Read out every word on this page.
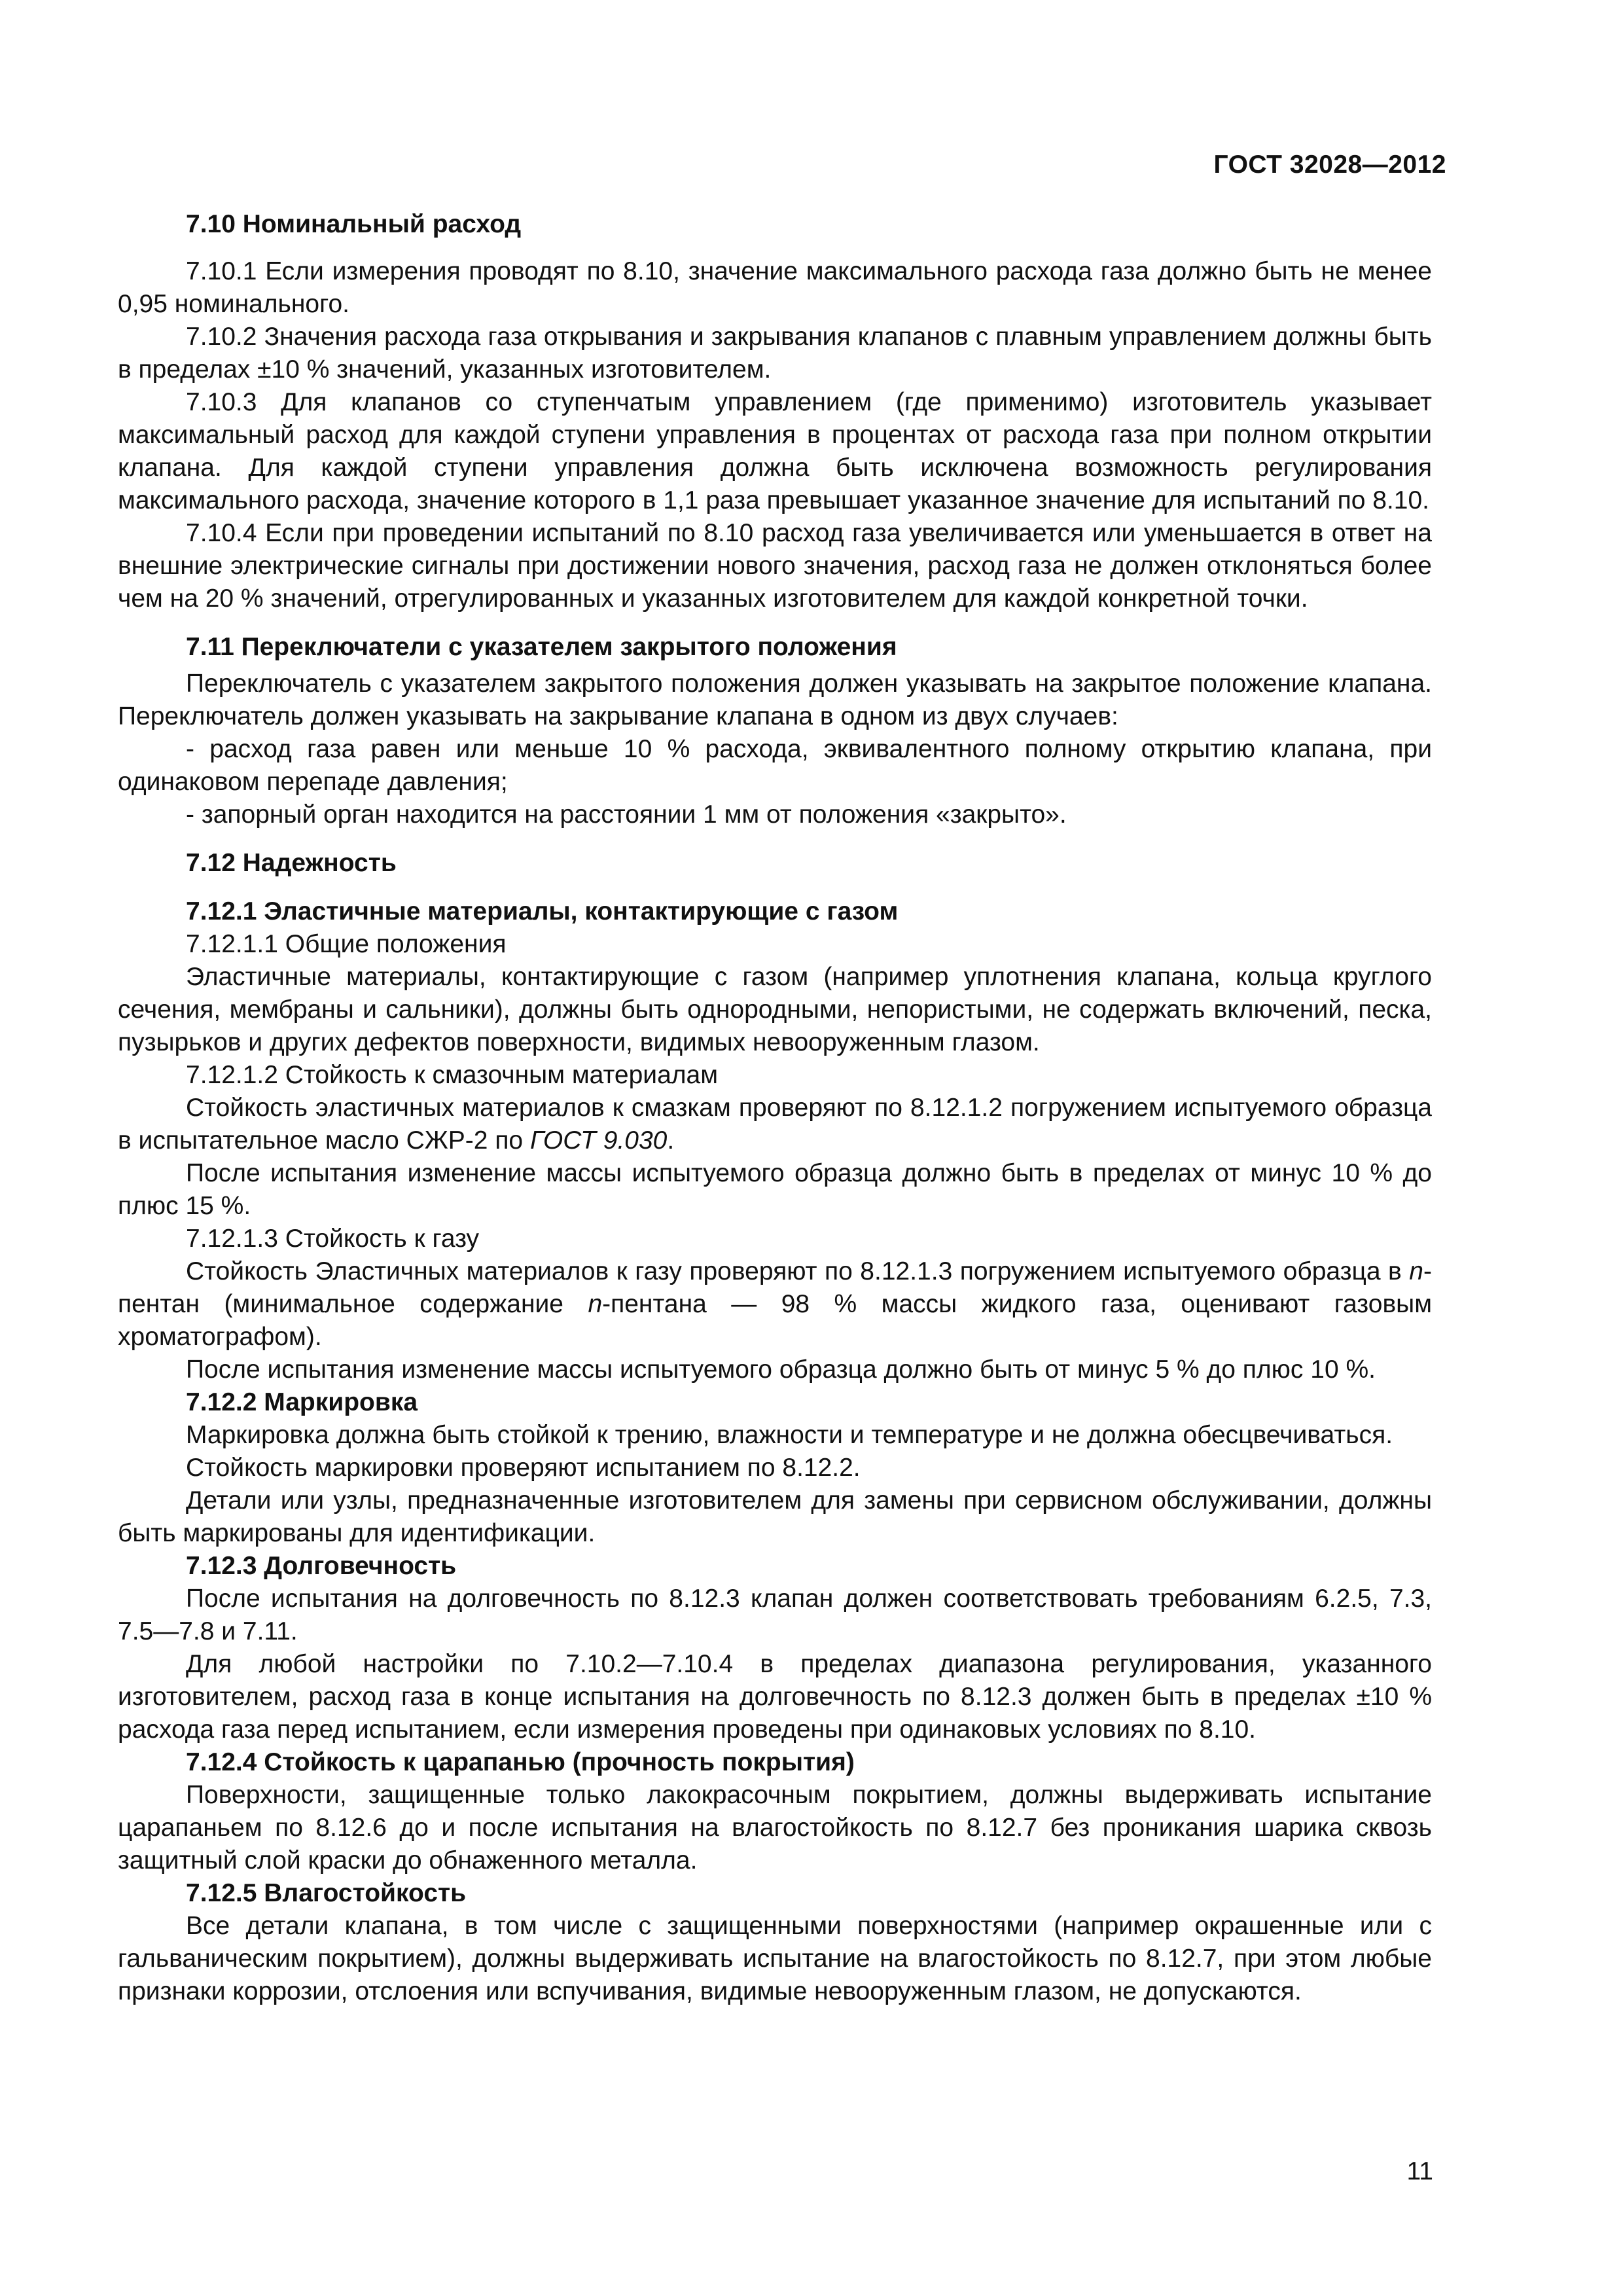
ГОСТ 32028—2012

7.10 Номинальный расход

7.10.1 Если измерения проводят по 8.10, значение максимального расхода газа должно быть не менее 0,95 номинального.

7.10.2 Значения расхода газа открывания и закрывания клапанов с плавным управлением должны быть в пределах ±10 % значений, указанных изготовителем.

7.10.3 Для клапанов со ступенчатым управлением (где применимо) изготовитель указывает максимальный расход для каждой ступени управления в процентах от расхода газа при полном открытии клапана. Для каждой ступени управления должна быть исключена возможность регулирования максимального расхода, значение которого в 1,1 раза превышает указанное значение для испытаний по 8.10.

7.10.4 Если при проведении испытаний по 8.10 расход газа увеличивается или уменьшается в ответ на внешние электрические сигналы при достижении нового значения, расход газа не должен отклоняться более чем на 20 % значений, отрегулированных и указанных изготовителем для каждой конкретной точки.

7.11 Переключатели с указателем закрытого положения

Переключатель с указателем закрытого положения должен указывать на закрытое положение клапана. Переключатель должен указывать на закрывание клапана в одном из двух случаев:

- расход газа равен или меньше 10 % расхода, эквивалентного полному открытию клапана, при одинаковом перепаде давления;

- запорный орган находится на расстоянии 1 мм от положения «закрыто».

7.12 Надежность

7.12.1 Эластичные материалы, контактирующие с газом

7.12.1.1 Общие положения

Эластичные материалы, контактирующие с газом (например уплотнения клапана, кольца круглого сечения, мембраны и сальники), должны быть однородными, непористыми, не содержать включений, песка, пузырьков и других дефектов поверхности, видимых невооруженным глазом.

7.12.1.2 Стойкость к смазочным материалам

Стойкость эластичных материалов к смазкам проверяют по 8.12.1.2 погружением испытуемого образца в испытательное масло СЖР-2 по ГОСТ 9.030.

После испытания изменение массы испытуемого образца должно быть в пределах от минус 10 % до плюс 15 %.

7.12.1.3 Стойкость к газу

Стойкость Эластичных материалов к газу проверяют по 8.12.1.3 погружением испытуемого образца в n-пентан (минимальное содержание n-пентана — 98 % массы жидкого газа, оценивают газовым хроматографом).

После испытания изменение массы испытуемого образца должно быть от минус 5 % до плюс 10 %.

7.12.2 Маркировка

Маркировка должна быть стойкой к трению, влажности и температуре и не должна обесцвечиваться.

Стойкость маркировки проверяют испытанием по 8.12.2.

Детали или узлы, предназначенные изготовителем для замены при сервисном обслуживании, должны быть маркированы для идентификации.

7.12.3 Долговечность

После испытания на долговечность по 8.12.3 клапан должен соответствовать требованиям 6.2.5, 7.3, 7.5—7.8 и 7.11.

Для любой настройки по 7.10.2—7.10.4 в пределах диапазона регулирования, указанного изготовителем, расход газа в конце испытания на долговечность по 8.12.3 должен быть в пределах ±10 % расхода газа перед испытанием, если измерения проведены при одинаковых условиях по 8.10.

7.12.4 Стойкость к царапанью (прочность покрытия)

Поверхности, защищенные только лакокрасочным покрытием, должны выдерживать испытание царапаньем по 8.12.6 до и после испытания на влагостойкость по 8.12.7 без проникания шарика сквозь защитный слой краски до обнаженного металла.

7.12.5 Влагостойкость

Все детали клапана, в том числе с защищенными поверхностями (например окрашенные или с гальваническим покрытием), должны выдерживать испытание на влагостойкость по 8.12.7, при этом любые признаки коррозии, отслоения или вспучивания, видимые невооруженным глазом, не допускаются.

11
